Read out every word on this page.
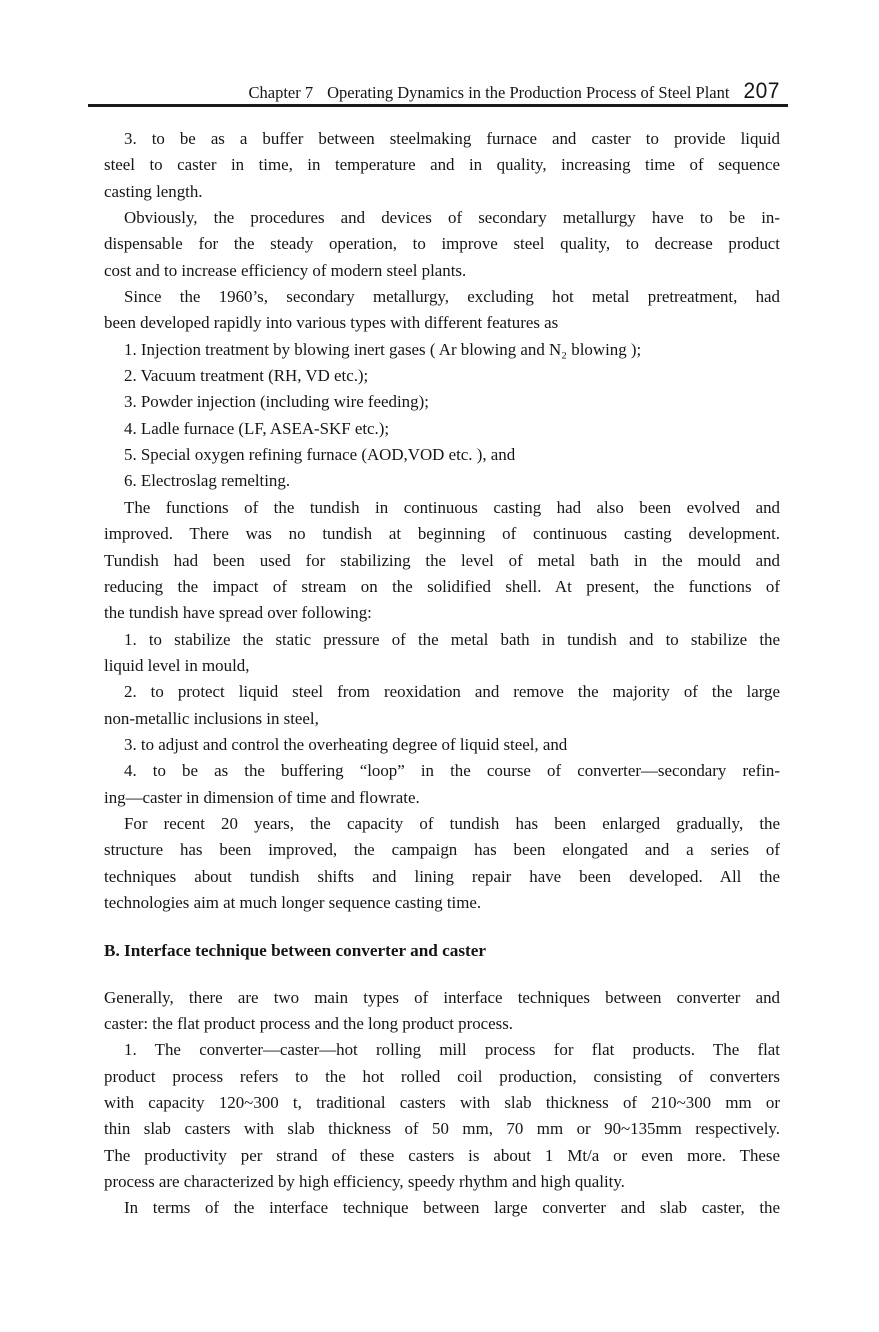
Chapter 7 Operating Dynamics in the Production Process of Steel Plant 207
3. to be as a buffer between steelmaking furnace and caster to provide liquid
steel to caster in time, in temperature and in quality, increasing time of sequence
casting length.
Obviously, the procedures and devices of secondary metallurgy have to be in-
dispensable for the steady operation, to improve steel quality, to decrease product
cost and to increase efficiency of modern steel plants.
Since the 1960’s, secondary metallurgy, excluding hot metal pretreatment, had
been developed rapidly into various types with different features as
1. Injection treatment by blowing inert gases ( Ar blowing and N₂ blowing );
2. Vacuum treatment (RH, VD etc.);
3. Powder injection (including wire feeding);
4. Ladle furnace (LF, ASEA-SKF etc.);
5. Special oxygen refining furnace (AOD,VOD etc. ), and
6. Electroslag remelting.
The functions of the tundish in continuous casting had also been evolved and
improved. There was no tundish at beginning of continuous casting development.
Tundish had been used for stabilizing the level of metal bath in the mould and
reducing the impact of stream on the solidified shell. At present, the functions of
the tundish have spread over following:
1. to stabilize the static pressure of the metal bath in tundish and to stabilize the
liquid level in mould,
2. to protect liquid steel from reoxidation and remove the majority of the large
non-metallic inclusions in steel,
3. to adjust and control the overheating degree of liquid steel, and
4. to be as the buffering “loop” in the course of converter—secondary refin-
ing—caster in dimension of time and flowrate.
For recent 20 years, the capacity of tundish has been enlarged gradually, the
structure has been improved, the campaign has been elongated and a series of
techniques about tundish shifts and lining repair have been developed. All the
technologies aim at much longer sequence casting time.
B. Interface technique between converter and caster
Generally, there are two main types of interface techniques between converter and
caster: the flat product process and the long product process.
1. The converter—caster—hot rolling mill process for flat products. The flat
product process refers to the hot rolled coil production, consisting of converters
with capacity 120~300 t, traditional casters with slab thickness of 210~300 mm or
thin slab casters with slab thickness of 50 mm, 70 mm or 90~135mm respectively.
The productivity per strand of these casters is about 1 Mt/a or even more. These
process are characterized by high efficiency, speedy rhythm and high quality.
In terms of the interface technique between large converter and slab caster, the
